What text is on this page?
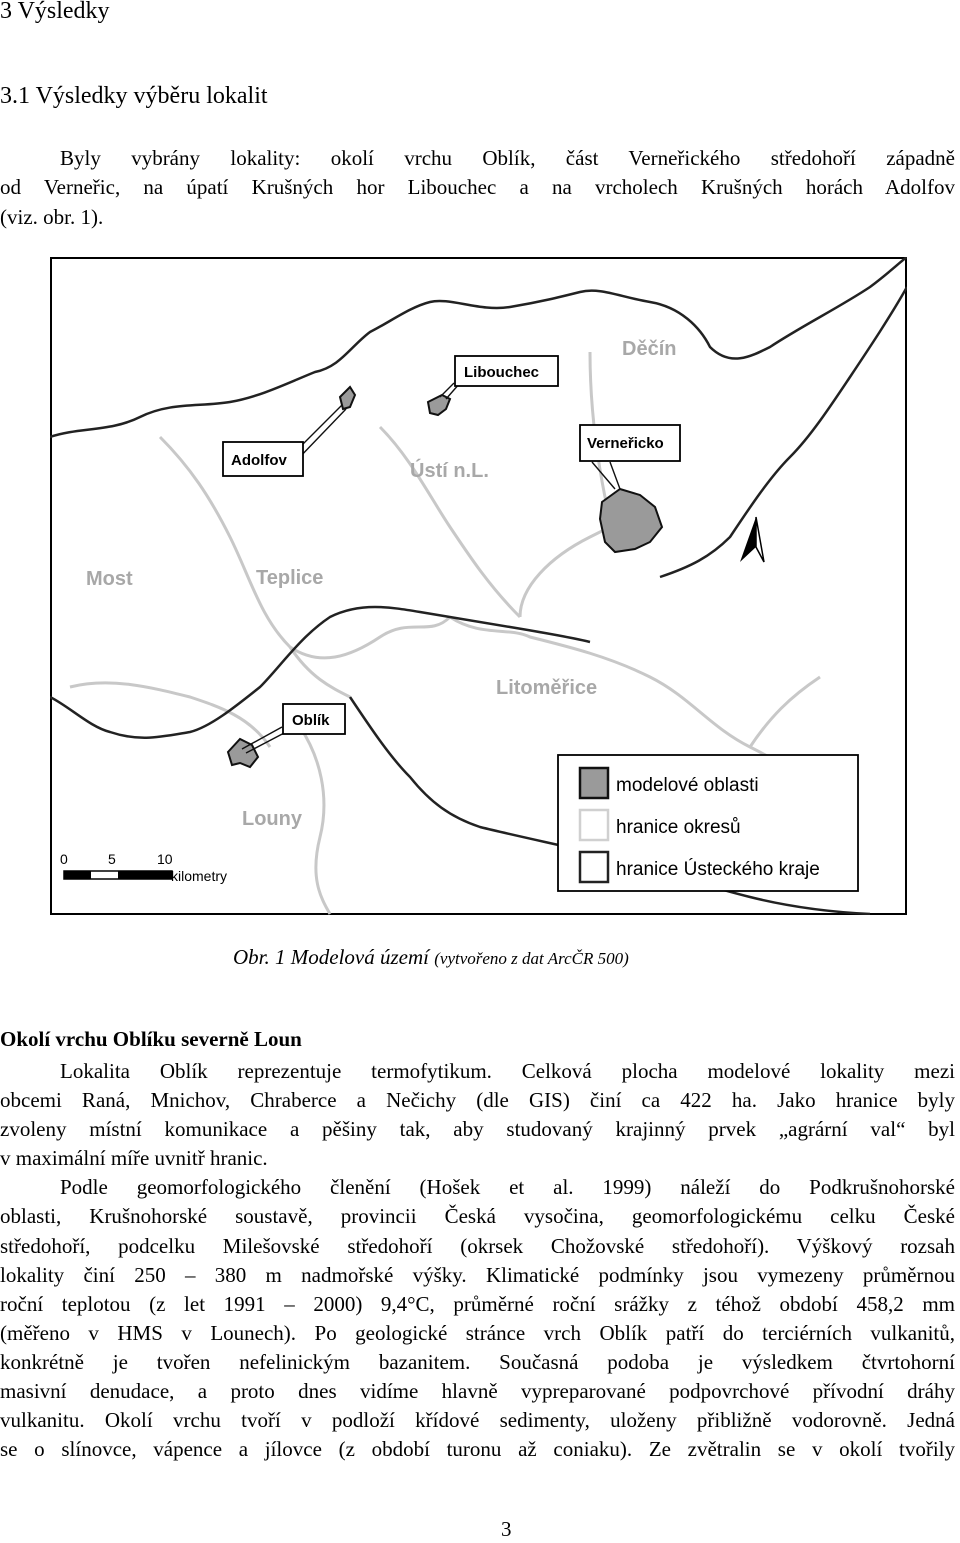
3 Výsledky
3.1 Výsledky výběru lokalit
Byly vybrány lokality: okolí vrchu Oblík, část Verneřického středohoří západně
od Verneřic, na úpatí Krušných hor Libouchec a na vrcholech Krušných horách Adolfov
(viz. obr. 1).
Děčín
Ústí n.L.
Most	Teplice
Litoměřice
Louny
Libouchec
Verneřicko
Adolfov
Oblík
0	5	10
kilometry
modelové oblasti
hranice okresů
hranice Ústeckého kraje
Obr. 1 Modelová území (vytvořeno z dat ArcČR 500)
Okolí vrchu Oblíku severně Loun
Lokalita Oblík reprezentuje termofytikum. Celková plocha modelové lokality mezi
obcemi Raná, Mnichov, Chraberce a Nečichy (dle GIS) činí ca 422 ha. Jako hranice byly
zvoleny místní komunikace a pěšiny tak, aby studovaný krajinný prvek „agrární val“ byl
v maximální míře uvnitř hranic.
Podle geomorfologického členění (Hošek et al. 1999) náleží do Podkrušnohorské
oblasti, Krušnohorské soustavě, provincii Česká vysočina, geomorfologickému celku České
středohoří, podcelku Milešovské středohoří (okrsek Chožovské středohoří). Výškový rozsah
lokality činí 250 – 380 m nadmořské výšky. Klimatické podmínky jsou vymezeny průměrnou
roční teplotou (z let 1991 – 2000) 9,4°C, průměrné roční srážky z téhož období 458,2 mm
(měřeno v HMS v Lounech). Po geologické stránce vrch Oblík patří do terciérních vulkanitů,
konkrétně je tvořen nefelinickým bazanitem. Současná podoba je výsledkem čtvrtohorní
masivní denudace, a proto dnes vidíme hlavně vypreparované podpovrchové přívodní dráhy
vulkanitu. Okolí vrchu tvoří v podloží křídové sedimenty, uloženy přibližně vodorovně. Jedná
se o slínovce, vápence a jílovce (z období turonu až coniaku). Ze zvětralin se v okolí tvořily
3
